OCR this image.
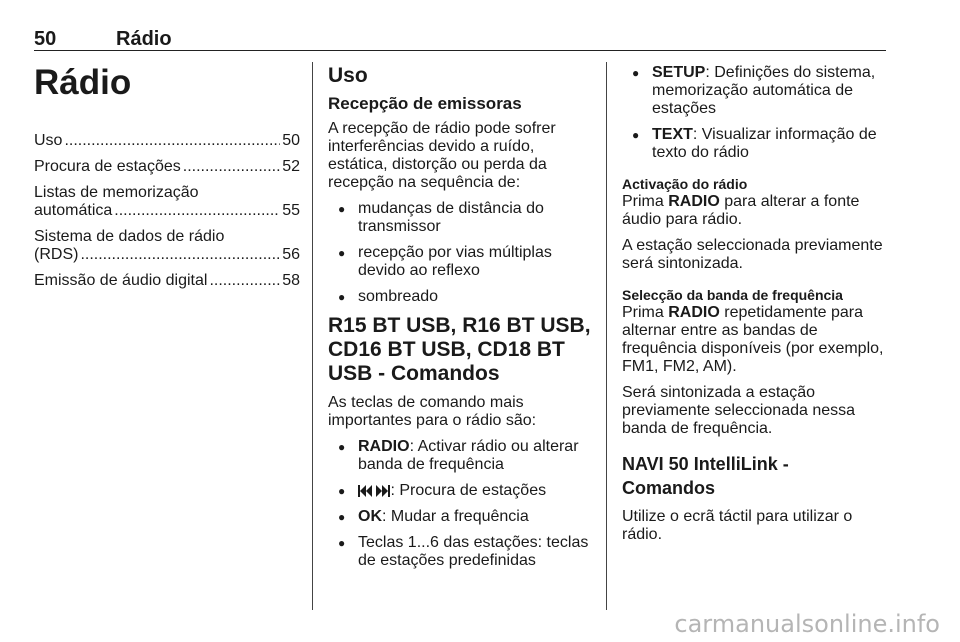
50	Rádio
Rádio
Uso .....	50
Procura de estações .....	52
Listas de memorização
automática .....	55
Sistema de dados de rádio
(RDS) .....	56
Emissão de áudio digital .....	58
Uso
Recepção de emissoras

A recepção de rádio pode sofrer interferências devido a ruído, estática, distorção ou perda da recepção na sequência de:

● mudanças de distância do transmissor
● recepção por vias múltiplas devido ao reflexo
● sombreado
R15 BT USB, R16 BT USB, CD16 BT USB, CD18 BT USB - Comandos

As teclas de comando mais importantes para o rádio são:

● RADIO: Activar rádio ou alterar banda de frequência
● : Procura de estações
● OK: Mudar a frequência
● Teclas 1...6 das estações: teclas de estações predefinidas
● SETUP: Definições do sistema, memorização automática de estações
● TEXT: Visualizar informação de texto do rádio
Activação do rádio

Prima RADIO para alterar a fonte áudio para rádio.

A estação seleccionada previamente será sintonizada.

Selecção da banda de frequência

Prima RADIO repetidamente para alternar entre as bandas de frequência disponíveis (por exemplo, FM1, FM2, AM).

Será sintonizada a estação previamente seleccionada nessa banda de frequência.

NAVI 50 IntelliLink - Comandos

Utilize o ecrã táctil para utilizar o rádio.

carmanualsonline.info
